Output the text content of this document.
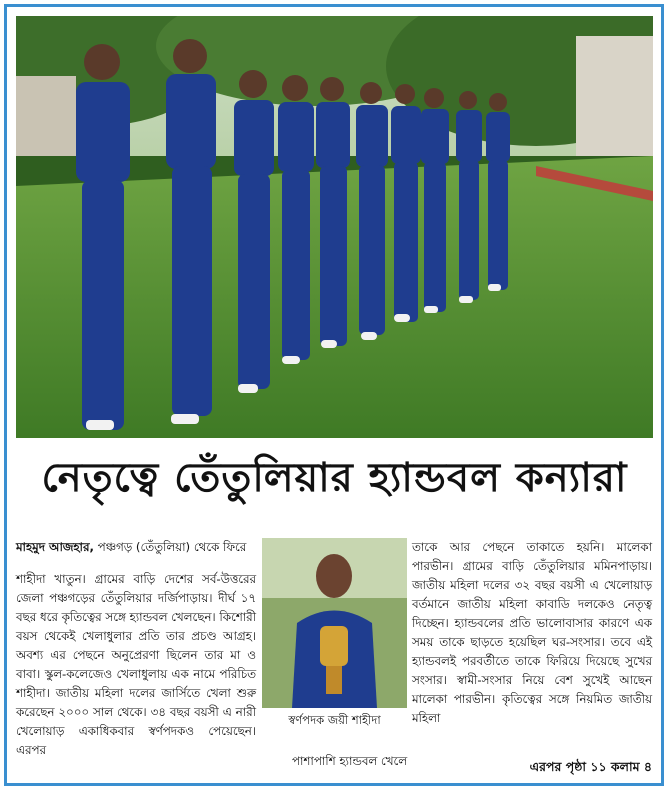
নেতৃত্বে তেঁতুলিয়ার হ্যান্ডবল কন্যারা
মাহমুদ আজহার, পঞ্চগড় (তেঁতুলিয়া) থেকে ফিরে

শাহীদা খাতুন। গ্রামের বাড়ি দেশের সর্ব-উত্তরের জেলা পঞ্চগড়ের তেঁতুলিয়ার দর্জিপাড়ায়। দীর্ঘ ১৭ বছর ধরে কৃতিত্বের সঙ্গে হ্যান্ডবল খেলছেন। কিশোরী বয়স থেকেই খেলাধুলার প্রতি তার প্রচণ্ড আগ্রহ। অবশ্য এর পেছনে অনুপ্রেরণা ছিলেন তার মা ও বাবা। স্কুল-কলেজেও খেলাধুলায় এক নামে পরিচিত শাহীদা। জাতীয় মহিলা দলের জার্সিতে খেলা শুরু করেছেন ২০০০ সাল থেকে। ৩৪ বছর বয়সী এ নারী খেলোয়াড় একাধিকবার স্বর্ণপদকও পেয়েছেন। এরপর

স্বর্ণপদক জয়ী শাহীদা
পাশাপাশি হ্যান্ডবল খেলে

তাকে আর পেছনে তাকাতে হয়নি। মালেকা পারভীন। গ্রামের বাড়ি তেঁতুলিয়ার মমিনপাড়ায়। জাতীয় মহিলা দলের ৩২ বছর বয়সী এ খেলোয়াড় বর্তমানে জাতীয় মহিলা কাবাডি দলকেও নেতৃত্ব দিচ্ছেন। হ্যান্ডবলের প্রতি ভালোবাসার কারণে এক সময় তাকে ছাড়তে হয়েছিল ঘর-সংসার। তবে এই হ্যান্ডবলই পরবর্তীতে তাকে ফিরিয়ে দিয়েছে সুখের সংসার। স্বামী-সংসার নিয়ে বেশ সুখেই আছেন মালেকা পারভীন। কৃতিত্বের সঙ্গে নিয়মিত জাতীয় মহিলা

এরপর পৃষ্ঠা ১১ কলাম ৪
